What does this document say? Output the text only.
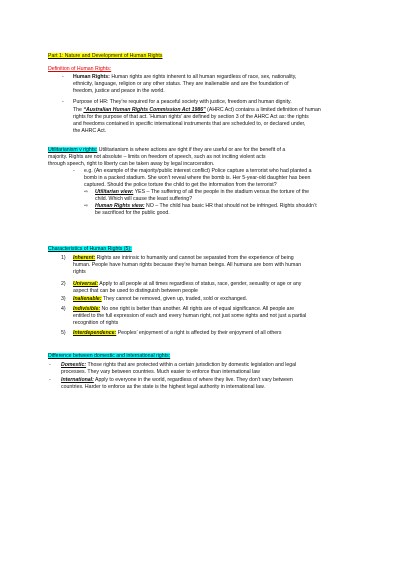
Part 1: Nature and Development of Human Rights
Definition of Human Rights:
- Human Rights: Human rights are rights inherent to all human regardless of race, sex, nationality,
ethnicity, language, religion or any other status. They are inalienable and are the foundation of
freedom, justice and peace in the world.
- Purpose of HR: They’re required for a peaceful society with justice, freedom and human dignity.
The “Australian Human Rights Commission Act 1986” (AHRC Act) contains a limited definition of human
rights for the purpose of that act. ‘Human rights’ are defined by section 3 of the AHRC Act as: the rights
and freedoms contained in specific international instruments that are scheduled to, or declared under,
the AHRC Act.
Utilitarianism v rights: Utilitarianism is where actions are right if they are useful or are for the benefit of a
majority. Rights are not absolute – limits on freedom of speech, such as not inciting violent acts
through speech, right to liberty can be taken away by legal incarceration.
- e.g. (An example of the majority/public interest conflict) Police capture a terrorist who had planted a
bomb in a packed stadium. She won’t reveal where the bomb is. Her 5-year-old daughter has been
captured. Should the police torture the child to get the information from the terrorist?
⇨ Utilitarian view: YES – The suffering of all the people in the stadium versus the torture of the
child. Which will cause the least suffering?
⇨ Human Rights view: NO – The child has basic HR that should not be infringed. Rights shouldn’t
be sacrificed for the public good.
Characteristics of Human Rights (5):
1) Inherent: Rights are intrinsic to humanity and cannot be separated from the experience of being
human. People have human rights because they’re human beings. All humans are born with human
rights
2) Universal: Apply to all people at all times regardless of status, race, gender, sexuality or age or any
aspect that can be used to distinguish between people
3) Inalienable: They cannot be removed, given up, traded, sold or exchanged.
4) Indivisible: No one right is better than another. All rights are of equal significance. All people are
entitled to the full expression of each and every human right, not just some rights and not just a partial
recognition of rights
5) Interdependence: Peoples’ enjoyment of a right is affected by their enjoyment of all others
Difference between domestic and international rights:
- Domestic: Those rights that are protected within a certain jurisdiction by domestic legislation and legal
processes. They vary between countries. Much easier to enforce than international law
- International: Apply to everyone in the world, regardless of where they live. They don’t vary between
countries. Harder to enforce as the state is the highest legal authority in international law.
